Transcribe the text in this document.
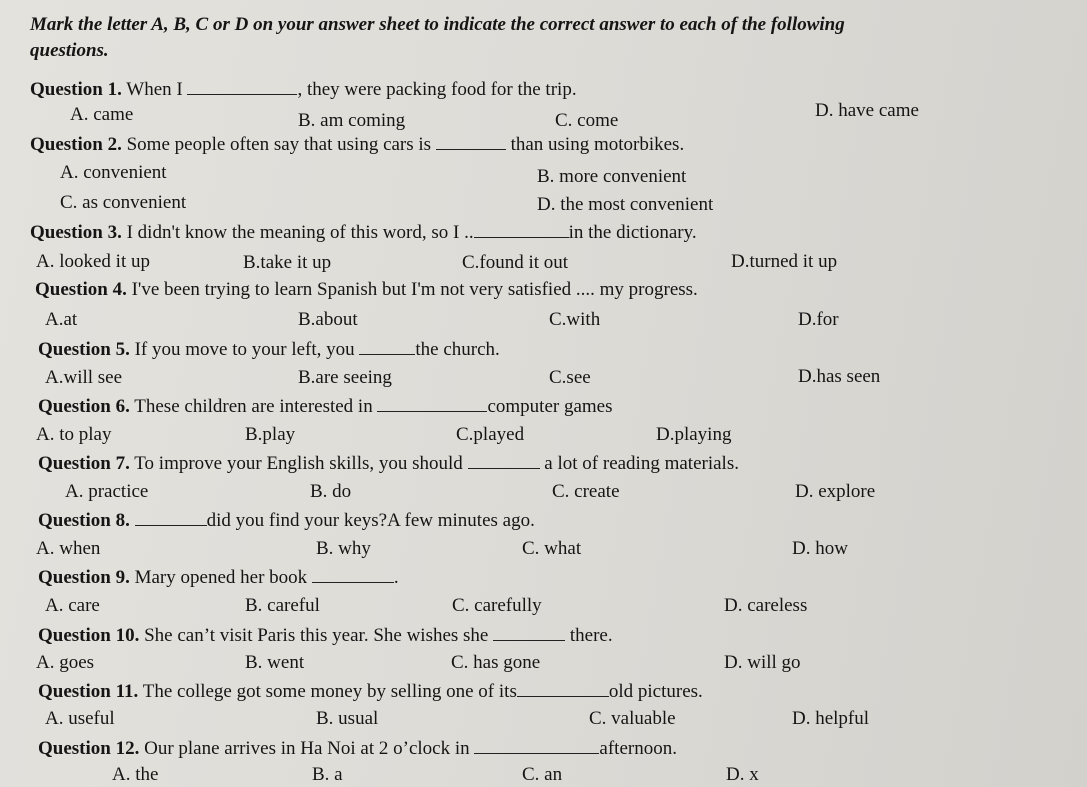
Mark the letter A, B, C or D on your answer sheet to indicate the correct answer to each of the following
questions.
Question 1. When I	, they were packing food for the trip.
A. came	B. am coming	C. come	D. have came
Question 2. Some people often say that using cars is	than using motorbikes.
A. convenient	B. more convenient
C. as convenient	D. the most convenient
Question 3. I didn't know the meaning of this word, so I ..	in the dictionary.
A. looked it up	B.take it up	C.found it out	D.turned it up
Question 4. I've been trying to learn Spanish but I'm not very satisfied .... my progress.
A.at	B.about	C.with	D.for
Question 5. If you move to your left, you	the church.
A.will see	B.are seeing	C.see	D.has seen
Question 6. These children are interested in	computer games
A. to play	B.play	C.played	D.playing
Question 7. To improve your English skills, you should	a lot of reading materials.
A. practice	B. do	C. create	D. explore
Question 8.	did you find your keys?A few minutes ago.
A. when	B. why	C. what	D. how
Question 9. Mary opened her book	.
A. care	B. careful	C. carefully	D. careless
Question 10. She can’t visit Paris this year. She wishes she	there.
A. goes	B. went	C. has gone	D. will go
Question 11. The college got some money by selling one of its	old pictures.
A. useful	B. usual	C. valuable	D. helpful
Question 12. Our plane arrives in Ha Noi at 2 o’clock in	afternoon.
A. the	B. a	C. an	D. x
